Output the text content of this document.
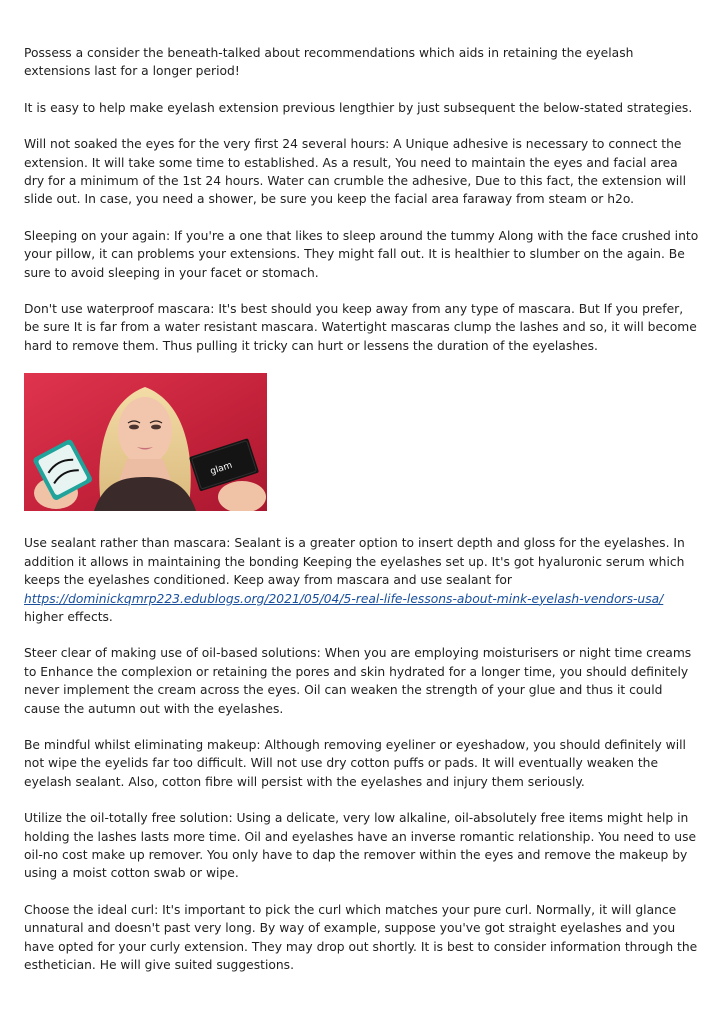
Possess a consider the beneath-talked about recommendations which aids in retaining the eyelash extensions last for a longer period!

It is easy to help make eyelash extension previous lengthier by just subsequent the below-stated strategies.

Will not soaked the eyes for the very first 24 several hours: A Unique adhesive is necessary to connect the extension. It will take some time to established. As a result, You need to maintain the eyes and facial area dry for a minimum of the 1st 24 hours. Water can crumble the adhesive, Due to this fact, the extension will slide out. In case, you need a shower, be sure you keep the facial area faraway from steam or h2o.

Sleeping on your again: If you're a one that likes to sleep around the tummy Along with the face crushed into your pillow, it can problems your extensions. They might fall out. It is healthier to slumber on the again. Be sure to avoid sleeping in your facet or stomach.

Don't use waterproof mascara: It's best should you keep away from any type of mascara. But If you prefer, be sure It is far from a water resistant mascara. Watertight mascaras clump the lashes and so, it will become hard to remove them. Thus pulling it tricky can hurt or lessens the duration of the eyelashes.

glam

Use sealant rather than mascara: Sealant is a greater option to insert depth and gloss for the eyelashes. In addition it allows in maintaining the bonding Keeping the eyelashes set up. It's got hyaluronic serum which keeps the eyelashes conditioned. Keep away from mascara and use sealant for https://dominickqmrp223.edublogs.org/2021/05/04/5-real-life-lessons-about-mink-eyelash-vendors-usa/ higher effects.

Steer clear of making use of oil-based solutions: When you are employing moisturisers or night time creams to Enhance the complexion or retaining the pores and skin hydrated for a longer time, you should definitely never implement the cream across the eyes. Oil can weaken the strength of your glue and thus it could cause the autumn out with the eyelashes.

Be mindful whilst eliminating makeup: Although removing eyeliner or eyeshadow, you should definitely will not wipe the eyelids far too difficult. Will not use dry cotton puffs or pads. It will eventually weaken the eyelash sealant. Also, cotton fibre will persist with the eyelashes and injury them seriously.

Utilize the oil-totally free solution: Using a delicate, very low alkaline, oil-absolutely free items might help in holding the lashes lasts more time. Oil and eyelashes have an inverse romantic relationship. You need to use oil-no cost make up remover. You only have to dap the remover within the eyes and remove the makeup by using a moist cotton swab or wipe.

Choose the ideal curl: It's important to pick the curl which matches your pure curl. Normally, it will glance unnatural and doesn't past very long. By way of example, suppose you've got straight eyelashes and you have opted for your curly extension. They may drop out shortly. It is best to consider information through the esthetician. He will give suited suggestions.
